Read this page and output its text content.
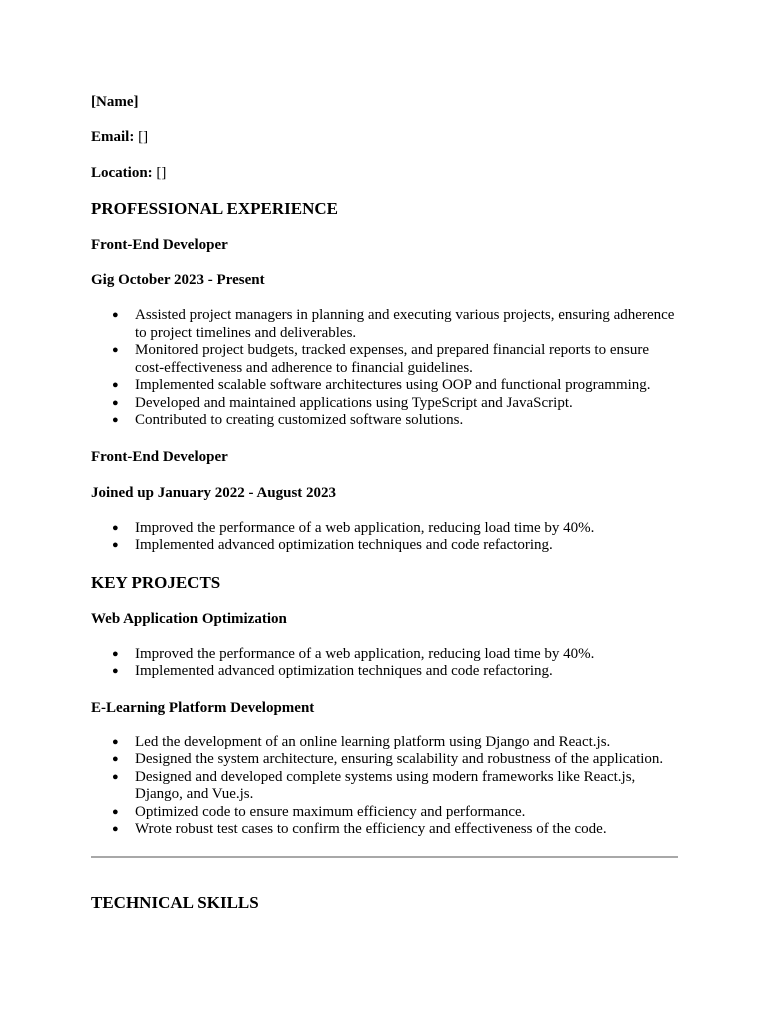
[Name]

Email: []

Location: []

PROFESSIONAL EXPERIENCE

Front-End Developer

Gig October 2023 - Present

● Assisted project managers in planning and executing various projects, ensuring adherence to project timelines and deliverables.
● Monitored project budgets, tracked expenses, and prepared financial reports to ensure cost-effectiveness and adherence to financial guidelines.
● Implemented scalable software architectures using OOP and functional programming.
● Developed and maintained applications using TypeScript and JavaScript.
● Contributed to creating customized software solutions.

Front-End Developer

Joined up January 2022 - August 2023

● Improved the performance of a web application, reducing load time by 40%.
● Implemented advanced optimization techniques and code refactoring.
KEY PROJECTS

Web Application Optimization

● Improved the performance of a web application, reducing load time by 40%.
● Implemented advanced optimization techniques and code refactoring.

E-Learning Platform Development

● Led the development of an online learning platform using Django and React.js.
● Designed the system architecture, ensuring scalability and robustness of the application.
● Designed and developed complete systems using modern frameworks like React.js, Django, and Vue.js.
● Optimized code to ensure maximum efficiency and performance.
● Wrote robust test cases to confirm the efficiency and effectiveness of the code.
TECHNICAL SKILLS
